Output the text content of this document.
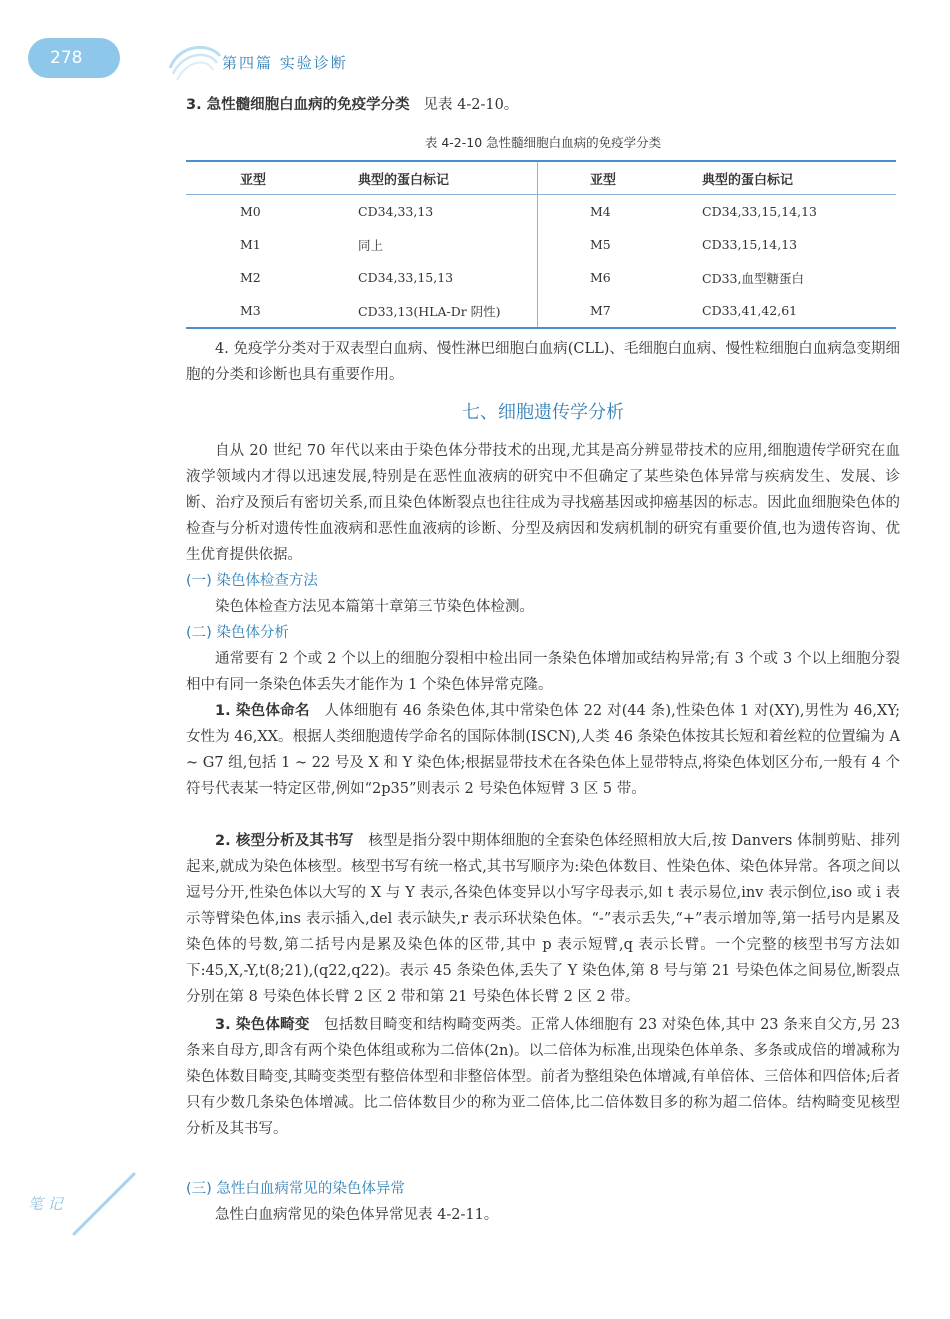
278	第四篇 实验诊断
3. 急性髓细胞白血病的免疫学分类 见表 4-2-10。
表 4-2-10 急性髓细胞白血病的免疫学分类
亚型	典型的蛋白标记	亚型	典型的蛋白标记
M0	CD34,33,13	M4	CD34,33,15,14,13
M1	同上	M5	CD33,15,14,13
M2	CD34,33,15,13	M6	CD33,血型糖蛋白
M3	CD33,13(HLA-Dr 阴性)	M7	CD33,41,42,61
4. 免疫学分类对于双表型白血病、慢性淋巴细胞白血病(CLL)、毛细胞白血病、慢性粒细胞白血病急变期细胞的分类和诊断也具有重要作用。
七、细胞遗传学分析
自从 20 世纪 70 年代以来由于染色体分带技术的出现,尤其是高分辨显带技术的应用,细胞遗传学研究在血液学领域内才得以迅速发展,特别是在恶性血液病的研究中不但确定了某些染色体异常与疾病发生、发展、诊断、治疗及预后有密切关系,而且染色体断裂点也往往成为寻找癌基因或抑癌基因的标志。因此血细胞染色体的检查与分析对遗传性血液病和恶性血液病的诊断、分型及病因和发病机制的研究有重要价值,也为遗传咨询、优生优育提供依据。
(一) 染色体检查方法
染色体检查方法见本篇第十章第三节染色体检测。
(二) 染色体分析
通常要有 2 个或 2 个以上的细胞分裂相中检出同一条染色体增加或结构异常;有 3 个或 3 个以上细胞分裂相中有同一条染色体丢失才能作为 1 个染色体异常克隆。
1. 染色体命名 人体细胞有 46 条染色体,其中常染色体 22 对(44 条),性染色体 1 对(XY),男性为 46,XY;女性为 46,XX。根据人类细胞遗传学命名的国际体制(ISCN),人类 46 条染色体按其长短和着丝粒的位置编为 A ~ G7 组,包括 1 ~ 22 号及 X 和 Y 染色体;根据显带技术在各染色体上显带特点,将染色体划区分布,一般有 4 个符号代表某一特定区带,例如“2p35”则表示 2 号染色体短臂 3 区 5 带。
2. 核型分析及其书写 核型是指分裂中期体细胞的全套染色体经照相放大后,按 Danvers 体制剪贴、排列起来,就成为染色体核型。核型书写有统一格式,其书写顺序为:染色体数目、性染色体、染色体异常。各项之间以逗号分开,性染色体以大写的 X 与 Y 表示,各染色体变异以小写字母表示,如 t 表示易位,inv 表示倒位,iso 或 i 表示等臂染色体,ins 表示插入,del 表示缺失,r 表示环状染色体。“-”表示丢失,“+”表示增加等,第一括号内是累及染色体的号数,第二括号内是累及染色体的区带,其中 p 表示短臂,q 表示长臂。一个完整的核型书写方法如下:45,X,-Y,t(8;21),(q22,q22)。表示 45 条染色体,丢失了 Y 染色体,第 8 号与第 21 号染色体之间易位,断裂点分别在第 8 号染色体长臂 2 区 2 带和第 21 号染色体长臂 2 区 2 带。
3. 染色体畸变 包括数目畸变和结构畸变两类。正常人体细胞有 23 对染色体,其中 23 条来自父方,另 23 条来自母方,即含有两个染色体组或称为二倍体(2n)。以二倍体为标准,出现染色体单条、多条或成倍的增减称为染色体数目畸变,其畸变类型有整倍体型和非整倍体型。前者为整组染色体增减,有单倍体、三倍体和四倍体;后者只有少数几条染色体增减。比二倍体数目少的称为亚二倍体,比二倍体数目多的称为超二倍体。结构畸变见核型分析及其书写。
(三) 急性白血病常见的染色体异常
急性白血病常见的染色体异常见表 4-2-11。
笔 记
